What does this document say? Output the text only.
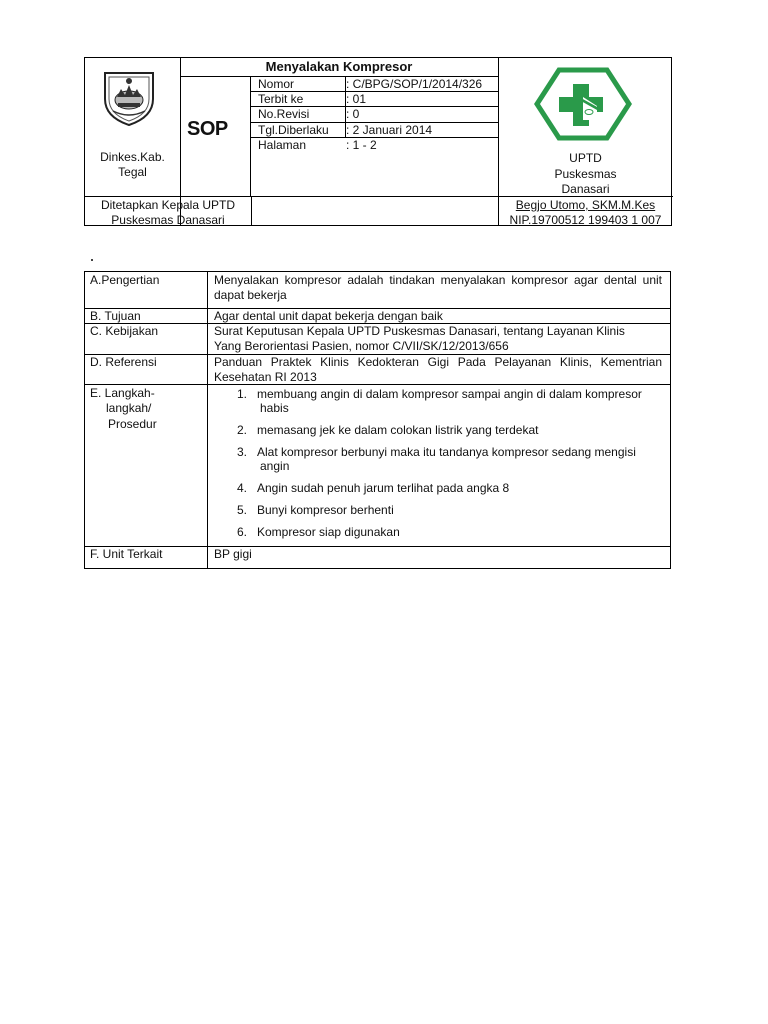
Dinkes.Kab.
Tegal
Menyalakan Kompresor
SOP
Nomor	: C/BPG/SOP/1/2014/326
Terbit ke	: 01
No.Revisi	: 0
Tgl.Diberlaku : 2 Januari 2014
Halaman	: 1 - 2
UPTD
Puskesmas
Danasari
Ditetapkan Kepala UPTD
Puskesmas Danasari
Begjo Utomo, SKM.M.Kes
NIP.19700512 199403 1 007
A.Pengertian	Menyalakan kompresor adalah tindakan menyalakan kompresor agar dental unit
dapat bekerja
B. Tujuan	Agar dental unit dapat bekerja dengan baik
C. Kebijakan	Surat Keputusan Kepala UPTD Puskesmas Danasari, tentang Layanan Klinis
Yang Berorientasi Pasien, nomor C/VII/SK/12/2013/656
D. Referensi	Panduan Praktek Klinis Kedokteran Gigi Pada Pelayanan Klinis, Kementrian
Kesehatan RI 2013
E. Langkah-
langkah/
Prosedur
1. membuang angin di dalam kompresor sampai angin di dalam kompresor
habis
2. memasang jek ke dalam colokan listrik yang terdekat
3. Alat kompresor berbunyi maka itu tandanya kompresor sedang mengisi
angin
4. Angin sudah penuh jarum terlihat pada angka 8
5. Bunyi kompresor berhenti
6. Kompresor siap digunakan
F. Unit Terkait	BP gigi
